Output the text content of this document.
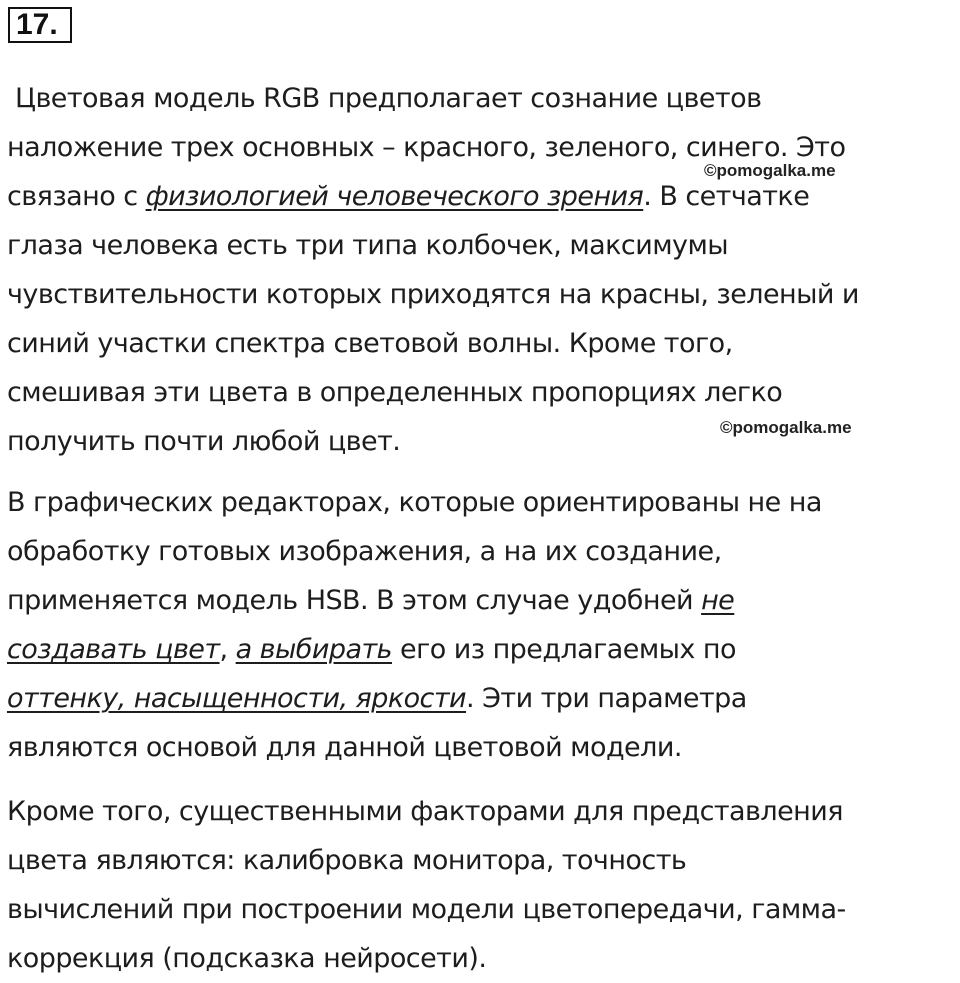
17.
Цветовая модель RGB предполагает сознание цветов
наложение трех основных – красного, зеленого, синего. Это
связано с физиологией человеческого зрения. В сетчатке
глаза человека есть три типа колбочек, максимумы
чувствительности которых приходятся на красны, зеленый и
синий участки спектра световой волны. Кроме того,
смешивая эти цвета в определенных пропорциях легко
получить почти любой цвет.
В графических редакторах, которые ориентированы не на
обработку готовых изображения, а на их создание,
применяется модель HSB. В этом случае удобней не
создавать цвет, а выбирать его из предлагаемых по
оттенку, насыщенности, яркости. Эти три параметра
являются основой для данной цветовой модели.
Кроме того, существенными факторами для представления
цвета являются: калибровка монитора, точность
вычислений при построении модели цветопередачи, гамма-
коррекция (подсказка нейросети).
©pomogalka.me
©pomogalka.me
